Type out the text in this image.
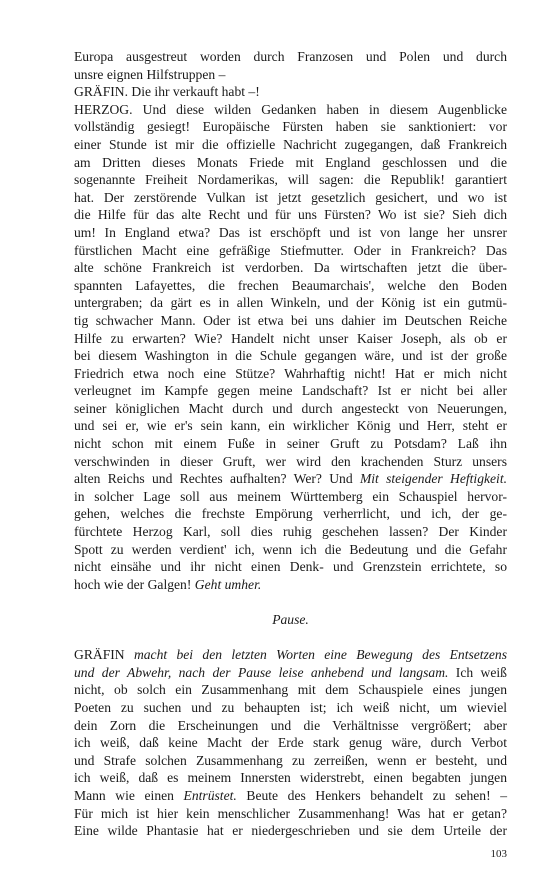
Europa ausgestreut worden durch Franzosen und Polen und durch
unsre eignen Hilfstruppen –
GRÄFIN. Die ihr verkauft habt –!
HERZOG. Und diese wilden Gedanken haben in diesem Augenblicke
vollständig gesiegt! Europäische Fürsten haben sie sanktioniert: vor
einer Stunde ist mir die offizielle Nachricht zugegangen, daß Frankreich
am Dritten dieses Monats Friede mit England geschlossen und die
sogenannte Freiheit Nordamerikas, will sagen: die Republik! garantiert
hat. Der zerstörende Vulkan ist jetzt gesetzlich gesichert, und wo ist
die Hilfe für das alte Recht und für uns Fürsten? Wo ist sie? Sieh dich
um! In England etwa? Das ist erschöpft und ist von lange her unsrer
fürstlichen Macht eine gefräßige Stiefmutter. Oder in Frankreich? Das
alte schöne Frankreich ist verdorben. Da wirtschaften jetzt die über-
spannten Lafayettes, die frechen Beaumarchais', welche den Boden
untergraben; da gärt es in allen Winkeln, und der König ist ein gutmü-
tig schwacher Mann. Oder ist etwa bei uns dahier im Deutschen Reiche
Hilfe zu erwarten? Wie? Handelt nicht unser Kaiser Joseph, als ob er
bei diesem Washington in die Schule gegangen wäre, und ist der große
Friedrich etwa noch eine Stütze? Wahrhaftig nicht! Hat er mich nicht
verleugnet im Kampfe gegen meine Landschaft? Ist er nicht bei aller
seiner königlichen Macht durch und durch angesteckt von Neuerungen,
und sei er, wie er's sein kann, ein wirklicher König und Herr, steht er
nicht schon mit einem Fuße in seiner Gruft zu Potsdam? Laß ihn
verschwinden in dieser Gruft, wer wird den krachenden Sturz unsers
alten Reichs und Rechtes aufhalten? Wer? Und Mit steigender Heftigkeit.
in solcher Lage soll aus meinem Württemberg ein Schauspiel hervor-
gehen, welches die frechste Empörung verherrlicht, und ich, der ge-
fürchtete Herzog Karl, soll dies ruhig geschehen lassen? Der Kinder
Spott zu werden verdient' ich, wenn ich die Bedeutung und die Gefahr
nicht einsähe und ihr nicht einen Denk- und Grenzstein errichtete, so
hoch wie der Galgen! Geht umher.
Pause.
GRÄFIN macht bei den letzten Worten eine Bewegung des Entsetzens
und der Abwehr, nach der Pause leise anhebend und langsam. Ich weiß
nicht, ob solch ein Zusammenhang mit dem Schauspiele eines jungen
Poeten zu suchen und zu behaupten ist; ich weiß nicht, um wieviel
dein Zorn die Erscheinungen und die Verhältnisse vergrößert; aber
ich weiß, daß keine Macht der Erde stark genug wäre, durch Verbot
und Strafe solchen Zusammenhang zu zerreißen, wenn er besteht, und
ich weiß, daß es meinem Innersten widerstrebt, einen begabten jungen
Mann wie einen Entrüstet. Beute des Henkers behandelt zu sehen! –
Für mich ist hier kein menschlicher Zusammenhang! Was hat er getan?
Eine wilde Phantasie hat er niedergeschrieben und sie dem Urteile der
103
